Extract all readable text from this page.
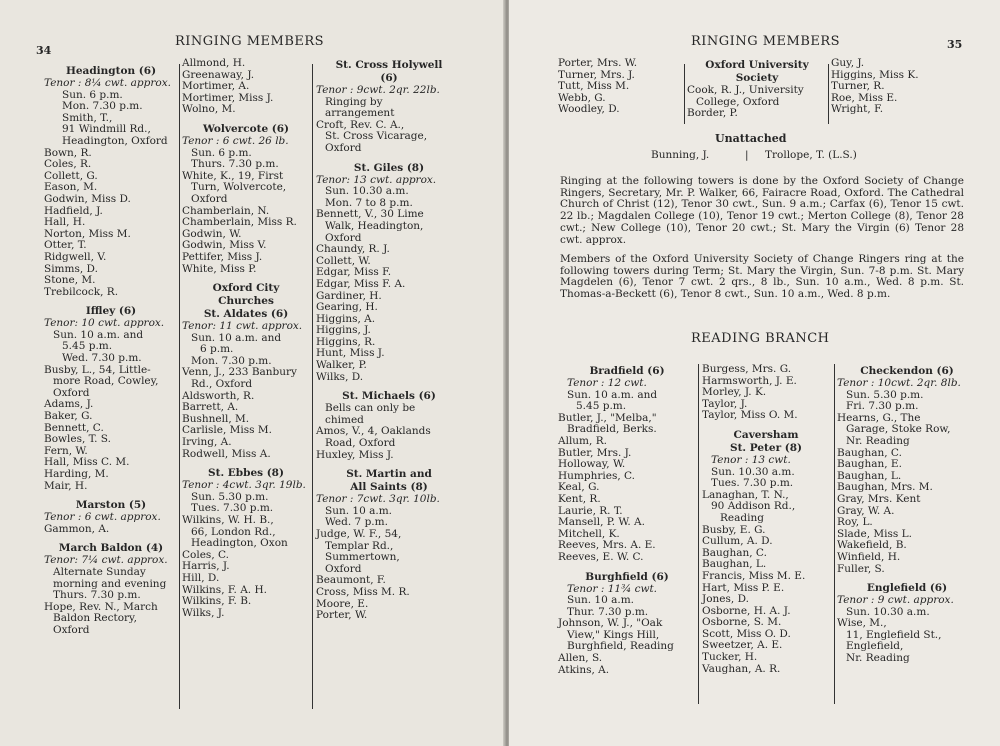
34
RINGING MEMBERS
Headington (6)
Tenor : 8¼ cwt. approx.
Sun. 6 p.m.
Mon. 7.30 p.m.
Smith, T.,
91 Windmill Rd.,
Headington, Oxford
Bown, R.
Coles, R.
Collett, G.
Eason, M.
Godwin, Miss D.
Hadfield, J.
Hall, H.
Norton, Miss M.
Otter, T.
Ridgwell, V.
Simms, D.
Stone, M.
Trebilcock, R.
Iffley (6)
Tenor: 10 cwt. approx.
Sun. 10 a.m. and
5.45 p.m.
Wed. 7.30 p.m.
Busby, L., 54, Little-
more Road, Cowley,
Oxford
Adams, J.
Baker, G.
Bennett, C.
Bowles, T. S.
Fern, W.
Hall, Miss C. M.
Harding, M.
Mair, H.
Marston (5)
Tenor : 6 cwt. approx.
Gammon, A.
March Baldon (4)
Tenor: 7¼ cwt. approx.
Alternate Sunday
morning and evening
Thurs. 7.30 p.m.
Hope, Rev. N., March
Baldon Rectory,
Oxford
Allmond, H.
Greenaway, J.
Mortimer, A.
Mortimer, Miss J.
Wolno, M.
Wolvercote (6)
Tenor : 6 cwt. 26 lb.
Sun. 6 p.m.
Thurs. 7.30 p.m.
White, K., 19, First
Turn, Wolvercote,
Oxford
Chamberlain, N.
Chamberlain, Miss R.
Godwin, W.
Godwin, Miss V.
Pettifer, Miss J.
White, Miss P.
Oxford City
Churches
St. Aldates (6)
Tenor: 11 cwt. approx.
Sun. 10 a.m. and
6 p.m.
Mon. 7.30 p.m.
Venn, J., 233 Banbury
Rd., Oxford
Aldsworth, R.
Barrett, A.
Bushnell, M.
Carlisle, Miss M.
Irving, A.
Rodwell, Miss A.
St. Ebbes (8)
Tenor : 4cwt. 3qr. 19lb.
Sun. 5.30 p.m.
Tues. 7.30 p.m.
Wilkins, W. H. B.,
66, London Rd.,
Headington, Oxon
Coles, C.
Harris, J.
Hill, D.
Wilkins, F. A. H.
Wilkins, F. B.
Wilks, J.
St. Cross Holywell
(6)
Tenor : 9cwt. 2qr. 22lb.
Ringing by
arrangement
Croft, Rev. C. A.,
St. Cross Vicarage,
Oxford
St. Giles (8)
Tenor: 13 cwt. approx.
Sun. 10.30 a.m.
Mon. 7 to 8 p.m.
Bennett, V., 30 Lime
Walk, Headington,
Oxford
Chaundy, R. J.
Collett, W.
Edgar, Miss F.
Edgar, Miss F. A.
Gardiner, H.
Gearing, H.
Higgins, A.
Higgins, J.
Higgins, R.
Hunt, Miss J.
Walker, P.
Wilks, D.
St. Michaels (6)
Bells can only be
chimed
Amos, V., 4, Oaklands
Road, Oxford
Huxley, Miss J.
St. Martin and
All Saints (8)
Tenor : 7cwt. 3qr. 10lb.
Sun. 10 a.m.
Wed. 7 p.m.
Judge, W. F., 54,
Templar Rd.,
Summertown,
Oxford
Beaumont, F.
Cross, Miss M. R.
Moore, E.
Porter, W.
RINGING MEMBERS	35
Porter, Mrs. W.
Turner, Mrs. J.
Tutt, Miss M.
Webb, G.
Woodley, D.
Oxford University
Society
Cook, R. J., University
College, Oxford
Border, P.
Guy, J.
Higgins, Miss K.
Turner, R.
Roe, Miss E.
Wright, F.
Unattached
Bunning, J.	| Trollope, T. (L.S.)
Ringing at the following towers is done by the Oxford Society of Change Ringers, Secretary, Mr. P. Walker, 66, Fairacre Road, Oxford. The Cathedral Church of Christ (12), Tenor 30 cwt., Sun. 9 a.m.; Carfax (6), Tenor 15 cwt. 22 lb.; Magdalen College (10), Tenor 19 cwt.; Merton College (8), Tenor 28 cwt.; New College (10), Tenor 20 cwt.; St. Mary the Virgin (6) Tenor 28 cwt. approx.
Members of the Oxford University Society of Change Ringers ring at the following towers during Term; St. Mary the Virgin, Sun. 7-8 p.m. St. Mary Magdelen (6), Tenor 7 cwt. 2 qrs., 8 lb., Sun. 10 a.m., Wed. 8 p.m. St. Thomas-a-Beckett (6), Tenor 8 cwt., Sun. 10 a.m., Wed. 8 p.m.
READING BRANCH
Bradfield (6)
Tenor : 12 cwt.
Sun. 10 a.m. and
5.45 p.m.
Butler, J., "Melba,"
Bradfield, Berks.
Allum, R.
Butler, Mrs. J.
Holloway, W.
Humphries, C.
Keal, G.
Kent, R.
Laurie, R. T.
Mansell, P. W. A.
Mitchell, K.
Reeves, Mrs. A. E.
Reeves, E. W. C.
Burghfield (6)
Tenor : 11¾ cwt.
Sun. 10 a.m.
Thur. 7.30 p.m.
Johnson, W. J., "Oak
View," Kings Hill,
Burghfield, Reading
Allen, S.
Atkins, A.
Burgess, Mrs. G.
Harmsworth, J. E.
Morley, J. K.
Taylor, J.
Taylor, Miss O. M.
Caversham
St. Peter (8)
Tenor : 13 cwt.
Sun. 10.30 a.m.
Tues. 7.30 p.m.
Lanaghan, T. N.,
90 Addison Rd.,
Reading
Busby, E. G.
Cullum, A. D.
Baughan, C.
Baughan, L.
Francis, Miss M. E.
Hart, Miss P. E.
Jones, D.
Osborne, H. A. J.
Osborne, S. M.
Scott, Miss O. D.
Sweetzer, A. E.
Tucker, H.
Vaughan, A. R.
Checkendon (6)
Tenor : 10cwt. 2qr. 8lb.
Sun. 5.30 p.m.
Fri. 7.30 p.m.
Hearns, G., The
Garage, Stoke Row,
Nr. Reading
Baughan, C.
Baughan, E.
Baughan, L.
Baughan, Mrs. M.
Gray, Mrs. Kent
Gray, W. A.
Roy, L.
Slade, Miss L.
Wakefield, B.
Winfield, H.
Fuller, S.
Englefield (6)
Tenor : 9 cwt. approx.
Sun. 10.30 a.m.
Wise, M.,
11, Englefield St.,
Englefield,
Nr. Reading
